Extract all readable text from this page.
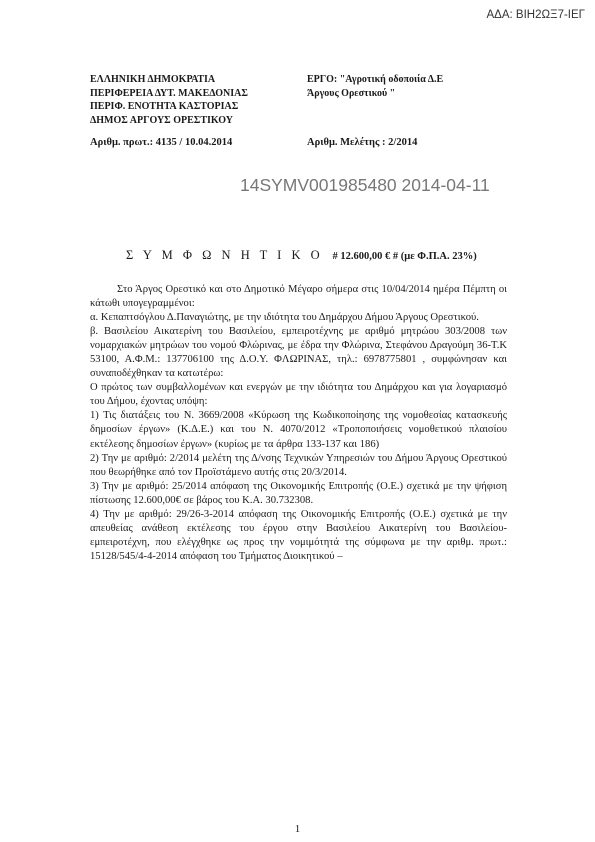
ΑΔΑ: ΒΙΗ2ΩΞ7-ΙΕΓ
ΕΛΛΗΝΙΚΗ ΔΗΜΟΚΡΑΤΙΑ
ΠΕΡΙΦΕΡΕΙΑ ΔΥΤ. ΜΑΚΕΔΟΝΙΑΣ
ΠΕΡΙΦ. ΕΝΟΤΗΤΑ ΚΑΣΤΟΡΙΑΣ
ΔΗΜΟΣ ΑΡΓΟΥΣ ΟΡΕΣΤΙΚΟΥ
ΕΡΓΟ: "Αγροτική οδοποιία Δ.Ε
Άργους Ορεστικού "
Αριθμ. πρωτ.: 4135 / 10.04.2014	Αριθμ. Μελέτης : 2/2014
14SYMV001985480 2014-04-11
Σ Υ Μ Φ Ω Ν Η Τ Ι Κ Ο # 12.600,00 € # (με Φ.Π.Α. 23%)

Στο Άργος Ορεστικό και στο Δημοτικό Μέγαρο σήμερα στις 10/04/2014 ημέρα Πέμπτη οι κάτωθι υπογεγραμμένοι:

α. Κεπαπτσόγλου Δ.Παναγιώτης, με την ιδιότητα του Δημάρχου Δήμου Άργους Ορεστικού.

β. Βασιλείου Αικατερίνη του Βασιλείου, εμπειροτέχνης με αριθμό μητρώου 303/2008 των νομαρχιακών μητρώων του νομού Φλώρινας, με έδρα την Φλώρινα, Στεφάνου Δραγούμη 36-Τ.Κ 53100, Α.Φ.Μ.: 137706100 της Δ.Ο.Υ. ΦΛΩΡΙΝΑΣ, τηλ.: 6978775801 , συμφώνησαν και συναποδέχθηκαν τα κατωτέρω:

Ο πρώτος των συμβαλλομένων και ενεργών με την ιδιότητα του Δημάρχου και για λογαριασμό του Δήμου, έχοντας υπόψη:

1) Τις διατάξεις του Ν. 3669/2008 «Κύρωση της Κωδικοποίησης της νομοθεσίας κατασκευής δημοσίων έργων» (Κ.Δ.Ε.) και του Ν. 4070/2012 «Τροποποιήσεις νομοθετικού πλαισίου εκτέλεσης δημοσίων έργων» (κυρίως με τα άρθρα 133-137 και 186)

2) Την με αριθμό: 2/2014 μελέτη της Δ/νσης Τεχνικών Υπηρεσιών του Δήμου Άργους Ορεστικού που θεωρήθηκε από τον Προϊστάμενο αυτής στις 20/3/2014.

3) Την με αριθμό: 25/2014 απόφαση της Οικονομικής Επιτροπής (Ο.Ε.) σχετικά με την ψήφιση πίστωσης 12.600,00€ σε βάρος του Κ.Α. 30.732308.

4) Την με αριθμό: 29/26-3-2014 απόφαση της Οικονομικής Επιτροπής (Ο.Ε.) σχετικά με την απευθείας ανάθεση εκτέλεσης του έργου στην Βασιλείου Αικατερίνη του Βασιλείου-εμπειροτέχνη, που ελέγχθηκε ως προς την νομιμότητά της σύμφωνα με την αριθμ. πρωτ.: 15128/545/4-4-2014 απόφαση του Τμήματος Διοικητικού –

1
